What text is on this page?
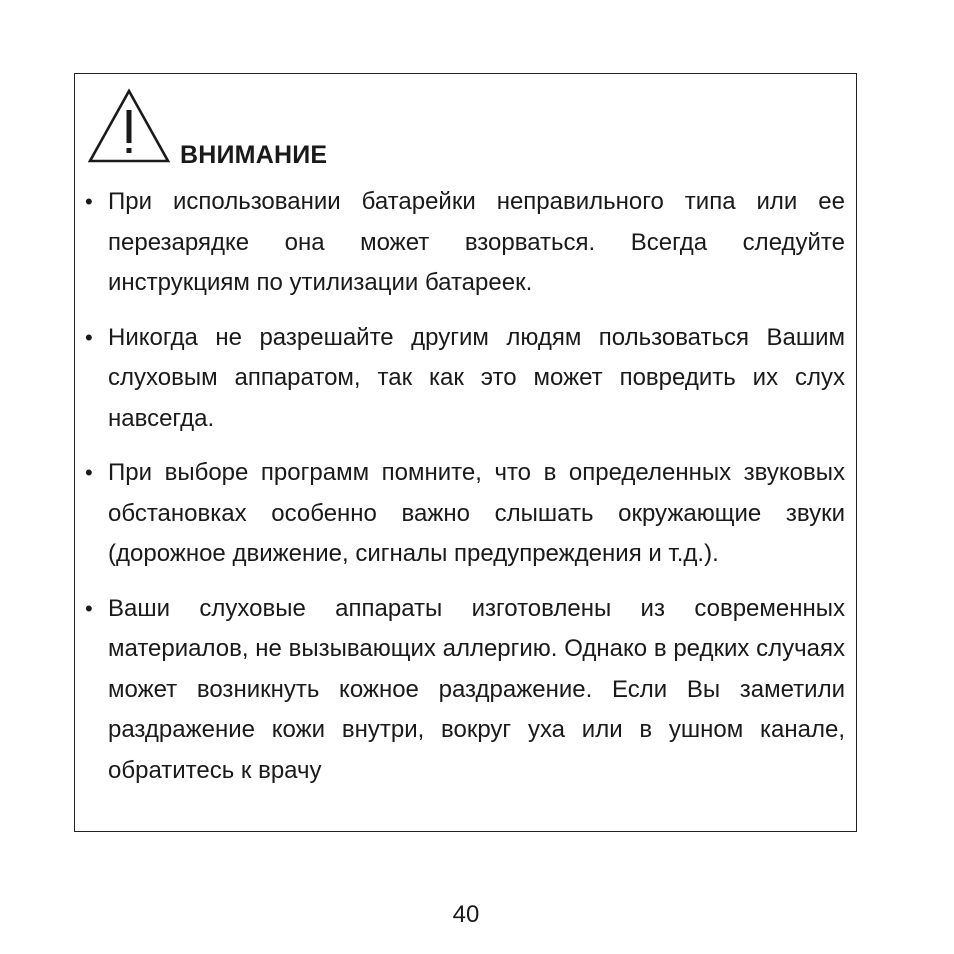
ВНИМАНИЕ
• При использовании батарейки неправильного типа или ее перезарядке она может взорваться. Всегда следуйте инструкциям по утилизации батареек.
• Никогда не разрешайте другим людям пользоваться Вашим слуховым аппаратом, так как это может повредить их слух навсегда.
• При выборе программ помните, что в определенных звуковых обстановках особенно важно слышать окружающие звуки (дорожное движение, сигналы предупреждения и т.д.).
• Ваши слуховые аппараты изготовлены из современных материалов, не вызывающих аллергию. Однако в редких случаях может возникнуть кожное раздражение. Если Вы заметили раздражение кожи внутри, вокруг уха или в ушном канале, обратитесь к врачу
40
